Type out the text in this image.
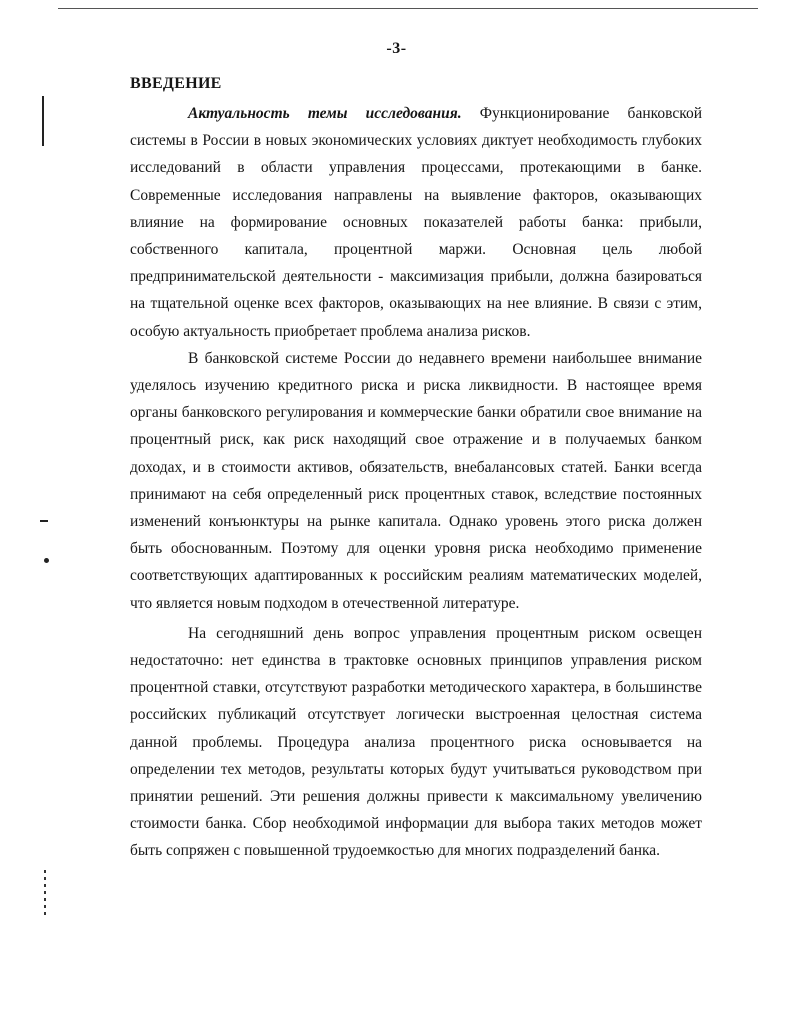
-3-
ВВЕДЕНИЕ

Актуальность темы исследования. Функционирование банковской системы в России в новых экономических условиях диктует необходимость глубоких исследований в области управления процессами, протекающими в банке. Современные исследования направлены на выявление факторов, оказывающих влияние на формирование основных показателей работы банка: прибыли, собственного капитала, процентной маржи. Основная цель любой предпринимательской деятельности - максимизация прибыли, должна базироваться на тщательной оценке всех факторов, оказывающих на нее влияние. В связи с этим, особую актуальность приобретает проблема анализа рисков.

В банковской системе России до недавнего времени наибольшее внимание уделялось изучению кредитного риска и риска ликвидности. В настоящее время органы банковского регулирования и коммерческие банки обратили свое внимание на процентный риск, как риск находящий свое отражение и в получаемых банком доходах, и в стоимости активов, обязательств, внебалансовых статей. Банки всегда принимают на себя определенный риск процентных ставок, вследствие постоянных изменений конъюнктуры на рынке капитала. Однако уровень этого риска должен быть обоснованным. Поэтому для оценки уровня риска необходимо применение соответствующих адаптированных к российским реалиям математических моделей, что является новым подходом в отечественной литературе.

На сегодняшний день вопрос управления процентным риском освещен недостаточно: нет единства в трактовке основных принципов управления риском процентной ставки, отсутствуют разработки методического характера, в большинстве российских публикаций отсутствует логически выстроенная целостная система данной проблемы. Процедура анализа процентного риска основывается на определении тех методов, результаты которых будут учитываться руководством при принятии решений. Эти решения должны привести к максимальному увеличению стоимости банка. Сбор необходимой информации для выбора таких методов может быть сопряжен с повышенной трудоемкостью для многих подразделений банка.
